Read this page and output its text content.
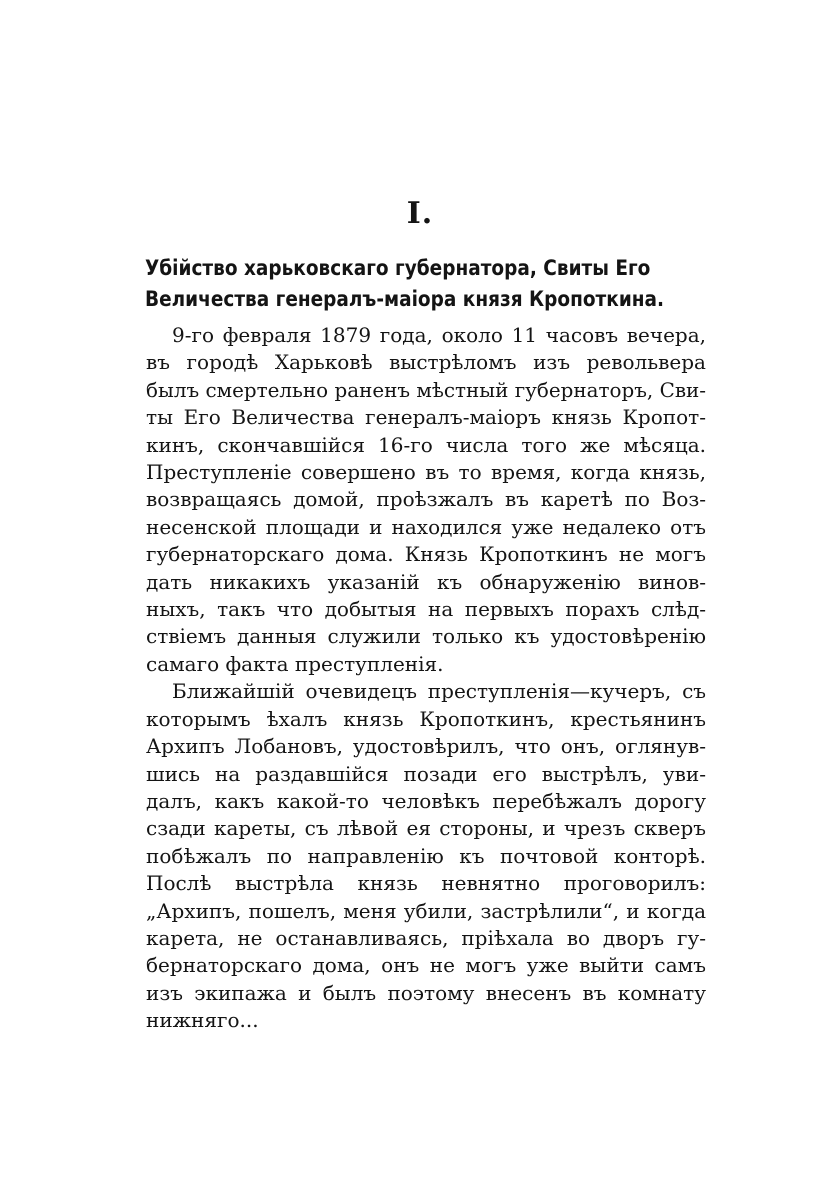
I.
Убійство харьковскаго губернатора, Свиты Его
Величества генералъ-маіора князя Кропоткина.
9-го февраля 1879 года, около 11 часовъ вечера,
въ городѣ Харьковѣ выстрѣломъ изъ револьвера
былъ смертельно раненъ мѣстный губернаторъ, Сви-
ты Его Величества генералъ-маіоръ князь Кропот-
кинъ, скончавшійся 16-го числа того же мѣсяца.
Преступленіе совершено въ то время, когда князь,
возвращаясь домой, проѣзжалъ въ каретѣ по Воз-
несенской площади и находился уже недалеко отъ
губернаторскаго дома. Князь Кропоткинъ не могъ
дать никакихъ указаній къ обнаруженію винов-
ныхъ, такъ что добытыя на первыхъ порахъ слѣд-
ствіемъ данныя служили только къ удостовѣренію
самаго факта преступленія.
Ближайшій очевидецъ преступленія—кучеръ, съ
которымъ ѣхалъ князь Кропоткинъ, крестьянинъ
Архипъ Лобановъ, удостовѣрилъ, что онъ, оглянув-
шись на раздавшійся позади его выстрѣлъ, уви-
далъ, какъ какой-то человѣкъ перебѣжалъ дорогу
сзади кареты, съ лѣвой ея стороны, и чрезъ скверъ
побѣжалъ по направленію къ почтовой конторѣ.
Послѣ выстрѣла князь невнятно проговорилъ:
„Архипъ, пошелъ, меня убили, застрѣлили“, и когда
карета, не останавливаясь, пріѣхала во дворъ гу-
бернаторскаго дома, онъ не могъ уже выйти самъ
изъ экипажа и былъ поэтому внесенъ въ комнату
нижняго...
